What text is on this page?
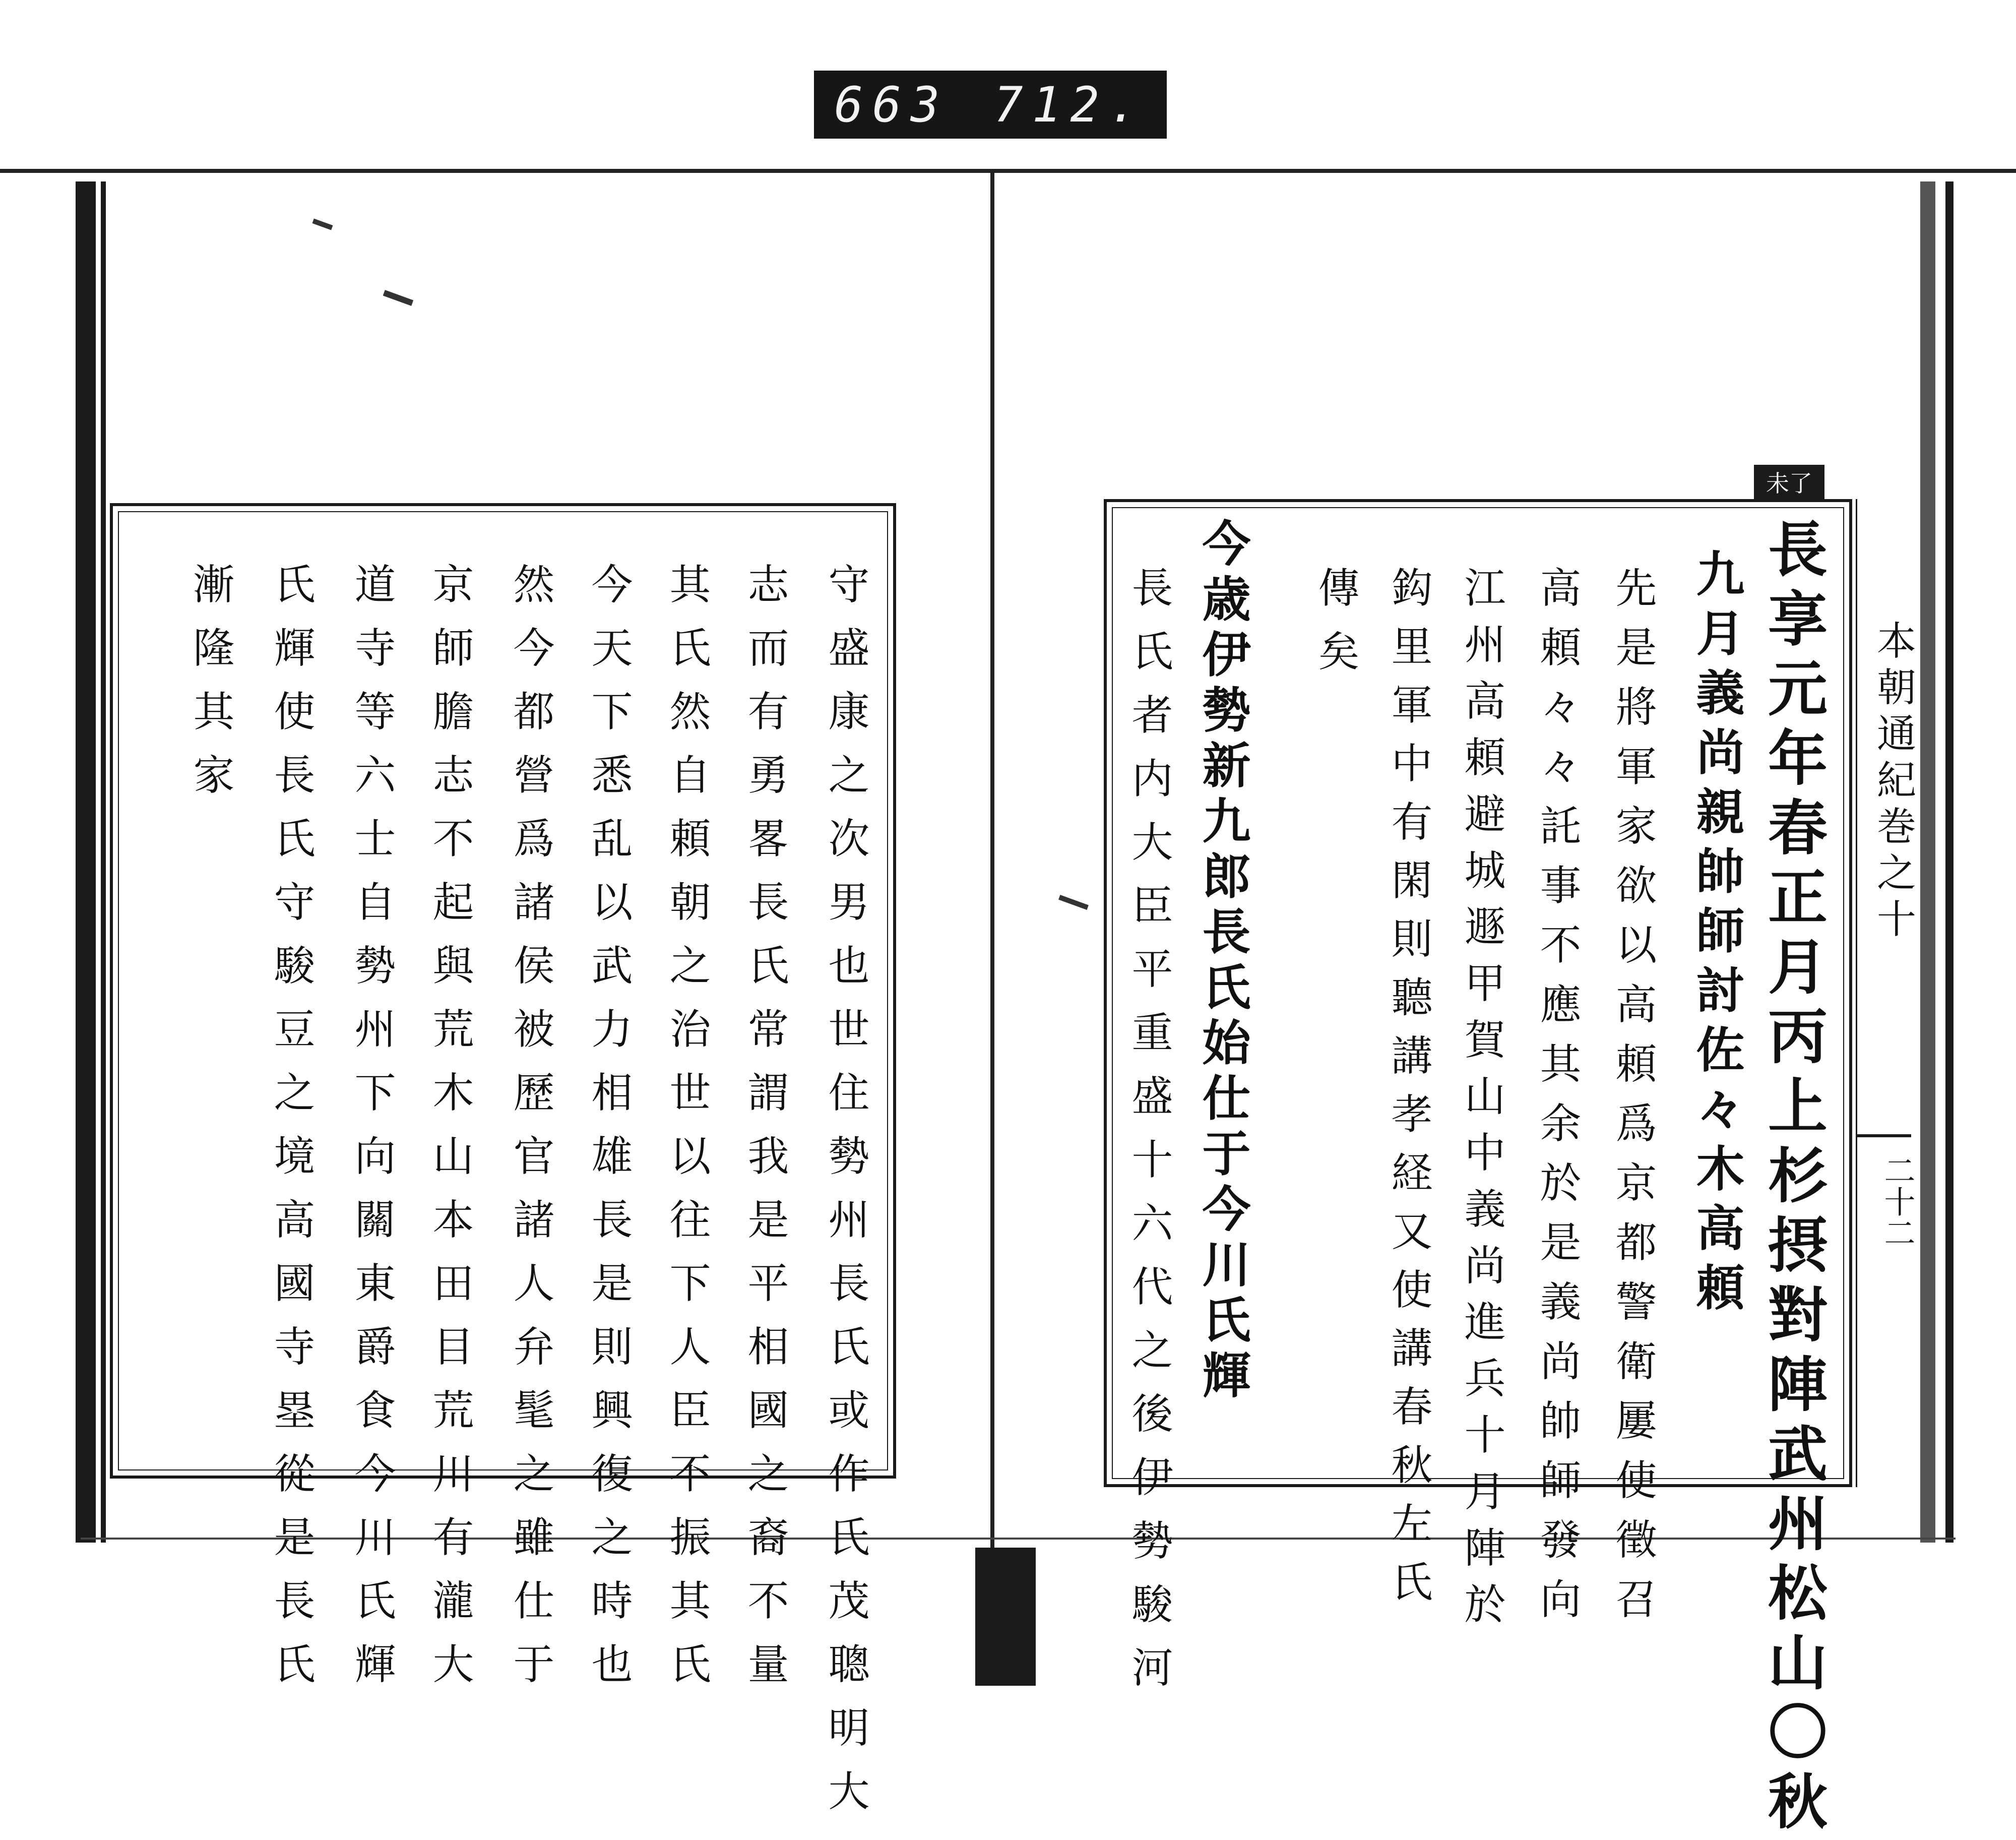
663 712.
守盛康之次男也世住勢州長氏或作氏茂聰明大
志而有勇畧長氏常謂我是平相國之裔不量
其氏然自頼朝之治世以往下人臣不振其氏
今天下悉乱以武力相雄長是則興復之時也
然今都營爲諸侯被歷官諸人弁髦之雖仕于
京師膽志不起與荒木山本田目荒川有瀧大
道寺等六士自勢州下向關東爵食今川氏輝
氏輝使長氏守駿豆之境高國寺塁從是長氏
漸隆其家	長享元年春正月丙上杉摂對陣武州松山〇秋
九月義尚親帥師討佐々木高頼
先是將軍家欲以高頼爲京都警衛屢使徵召
高頼々々託事不應其余於是義尚帥師發向
江州高頼避城遯甲賀山中義尚進兵十月陣於
鈎里軍中有閑則聽講孝経又使講春秋左氏
傳矣
今歳伊勢新九郎長氏始仕于今川氏輝
長氏者内大臣平重盛十六代之後伊勢駿河	本朝通紀巻之十
二十二
未了
